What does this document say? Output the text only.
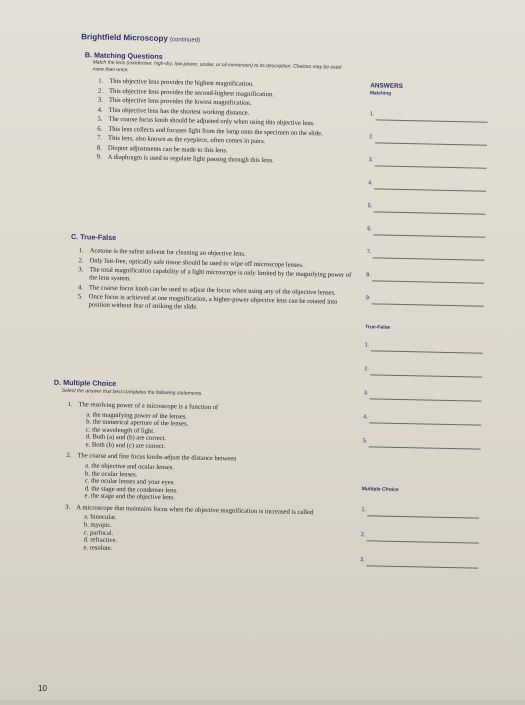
Brightfield Microscopy (continued)
B. Matching Questions
Match the lens (condenser, high-dry, low-power, ocular, or oil immersion) to its description. Choices may be used more than once.
1. This objective lens provides the highest magnification.
2. This objective lens provides the second-highest magnification.
3. This objective lens provides the lowest magnification.
4. This objective lens has the shortest working distance.
5. The coarse focus knob should be adjusted only when using this objective lens.
6. This lens collects and focuses light from the lamp onto the specimen on the slide.
7. This lens, also known as the eyepiece, often comes in pairs.
8. Diopter adjustments can be made to this lens.
9. A diaphragm is used to regulate light passing through this lens.
C. True-False
1. Acetone is the safest solvent for cleaning an objective lens.
2. Only lint-free, optically safe tissue should be used to wipe off microscope lenses.
3. The total magnification capability of a light microscope is only limited by the magnifying power of the lens system.
4. The coarse focus knob can be used to adjust the focus when using any of the objective lenses.
5. Once focus is achieved at one magnification, a higher-power objective lens can be rotated into position without fear of striking the slide.
D. Multiple Choice
Select the answer that best completes the following statements.
1. The resolving power of a microscope is a function of
a. the magnifying power of the lenses.
b. the numerical aperture of the lenses.
c. the wavelength of light.
d. Both (a) and (b) are correct.
e. Both (b) and (c) are correct.
2. The coarse and fine focus knobs adjust the distance between
a. the objective and ocular lenses.
b. the ocular lenses.
c. the ocular lenses and your eyes.
d. the stage and the condenser lens.
e. the stage and the objective lens.
3. A microscope that maintains focus when the objective magnification is increased is called
a. binocular.
b. myopic.
c. parfocal.
d. refractive.
e. resolute.
ANSWERS
Matching
1.
2.
3.
4.
5.
6.
7.
8.
9.
True-False
1.
2.
3.
4.
5.
Multiple Choice
1.
2.
3.
10
